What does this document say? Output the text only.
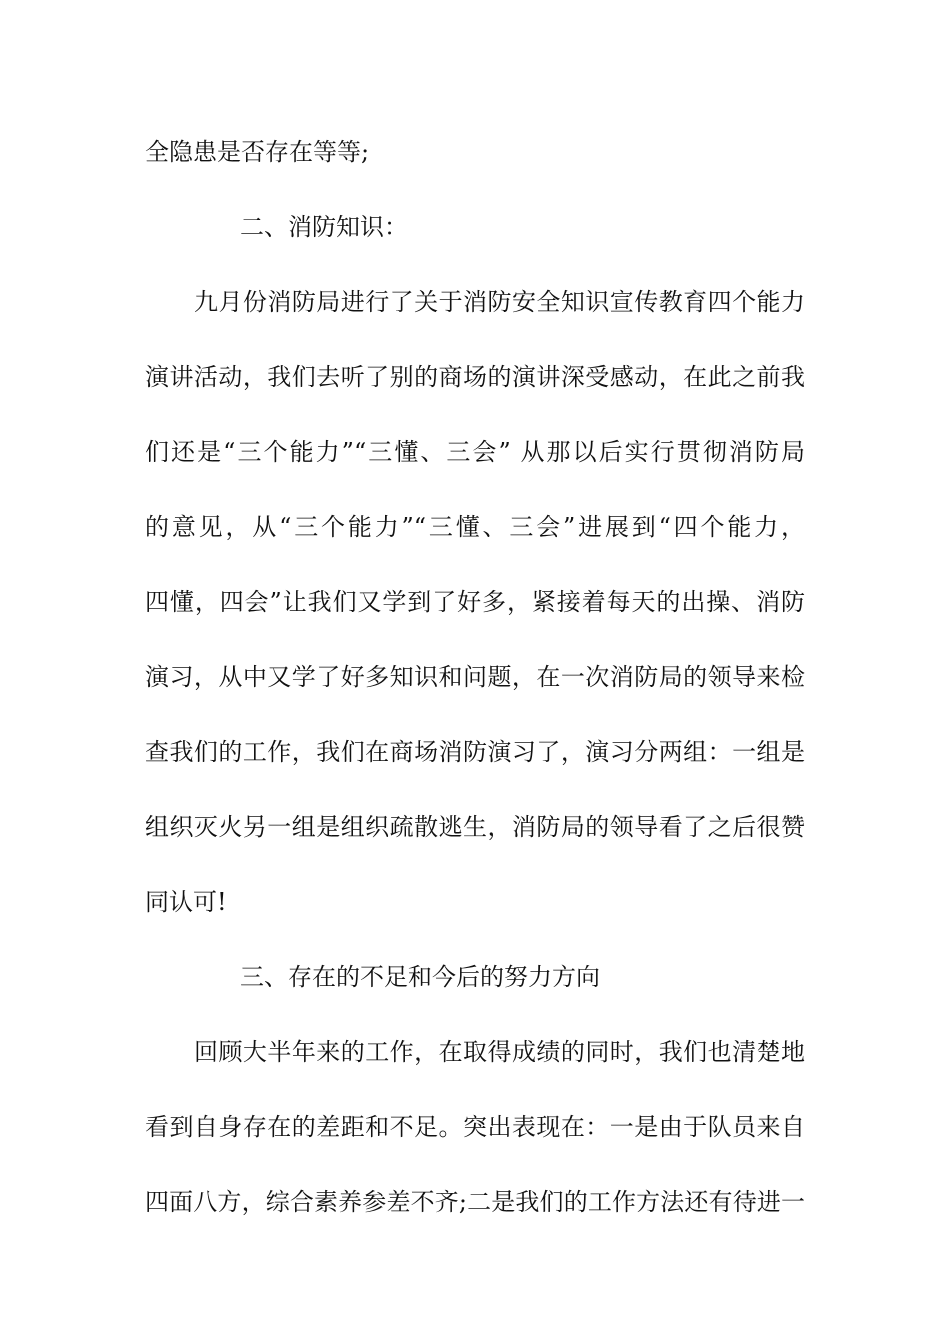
全隐患是否存在等等;
二、消防知识：
九月份消防局进行了关于消防安全知识宣传教育四个能力
演讲活动，我们去听了别的商场的演讲深受感动，在此之前我
们还是“三个能力”“三懂、三会” 从那以后实行贯彻消防局
的意见，从“三个能力”“三懂、三会”进展到“四个能力，
四懂，四会”让我们又学到了好多，紧接着每天的出操、消防
演习，从中又学了好多知识和问题，在一次消防局的领导来检
查我们的工作，我们在商场消防演习了，演习分两组：一组是
组织灭火另一组是组织疏散逃生，消防局的领导看了之后很赞
同认可!
三、存在的不足和今后的努力方向
回顾大半年来的工作，在取得成绩的同时，我们也清楚地
看到自身存在的差距和不足。突出表现在：一是由于队员来自
四面八方，综合素养参差不齐;二是我们的工作方法还有待进一
